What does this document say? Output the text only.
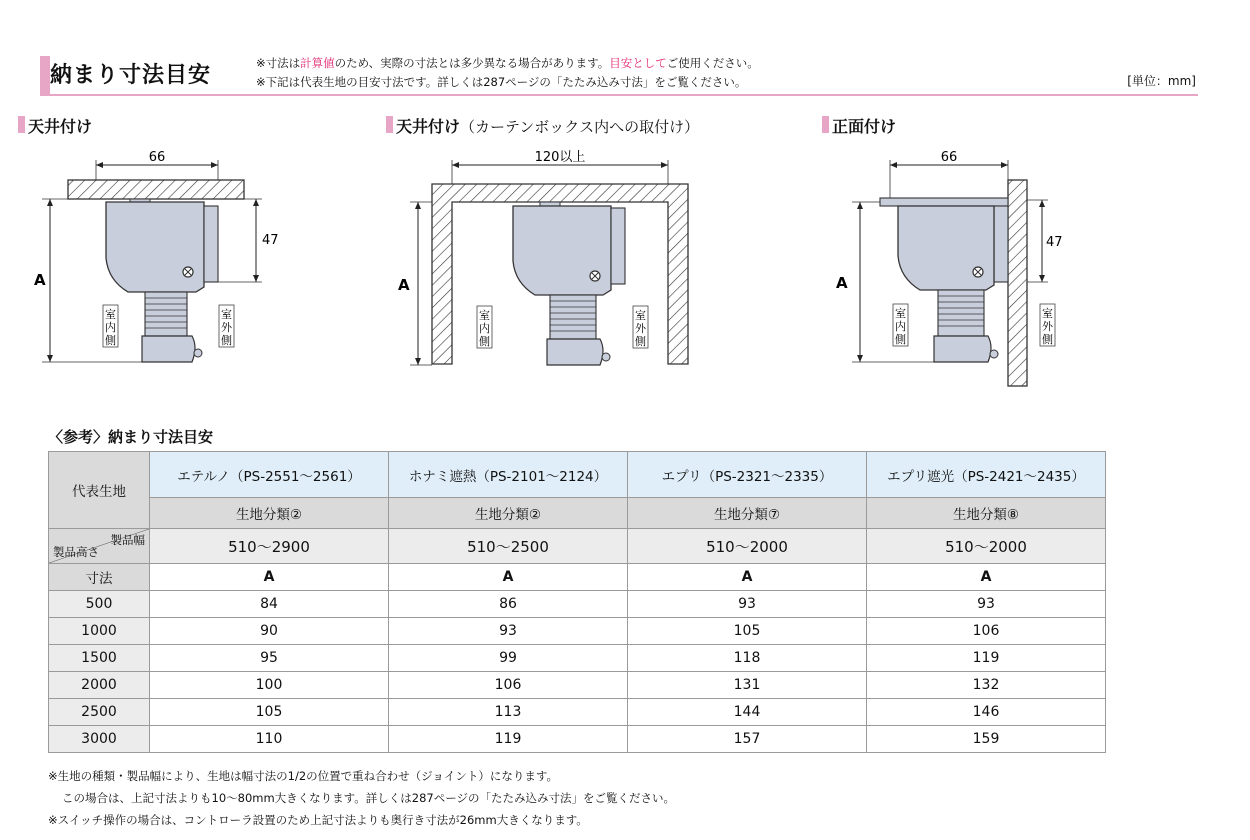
納まり寸法目安	※寸法は計算値のため、実際の寸法とは多少異なる場合があります。目安としてご使用ください。
※下記は代表生地の目安寸法です。詳しくは287ページの「たたみ込み寸法」をご覧ください。	[単位：mm]
天井付け	天井付け（カーテンボックス内への取付け）	正面付け
66
47
A
室
内
側
室
外
側
120以上
A
室
内
側
室
外
側
66
47
A
室
内
側
室
外
側
〈参考〉納まり寸法目安
代表生地	エテルノ（PS-2551～2561）	ホナミ遮熱（PS-2101～2124）	エプリ（PS-2321～2335）	エプリ遮光（PS-2421～2435）
	生地分類②	生地分類②	生地分類⑦	生地分類⑧

製品幅
製品高さ	510～2900	510～2500	510～2000	510～2000
寸法	A	A	A	A
500	84	86	93	93
1000	90	93	105	106
1500	95	99	118	119
2000	100	106	131	132
2500	105	113	144	146
3000	110	119	157	159
※生地の種類・製品幅により、生地は幅寸法の1/2の位置で重ね合わせ（ジョイント）になります。
この場合は、上記寸法よりも10～80mm大きくなります。詳しくは287ページの「たたみ込み寸法」をご覧ください。
※スイッチ操作の場合は、コントローラ設置のため上記寸法よりも奥行き寸法が26mm大きくなります。
